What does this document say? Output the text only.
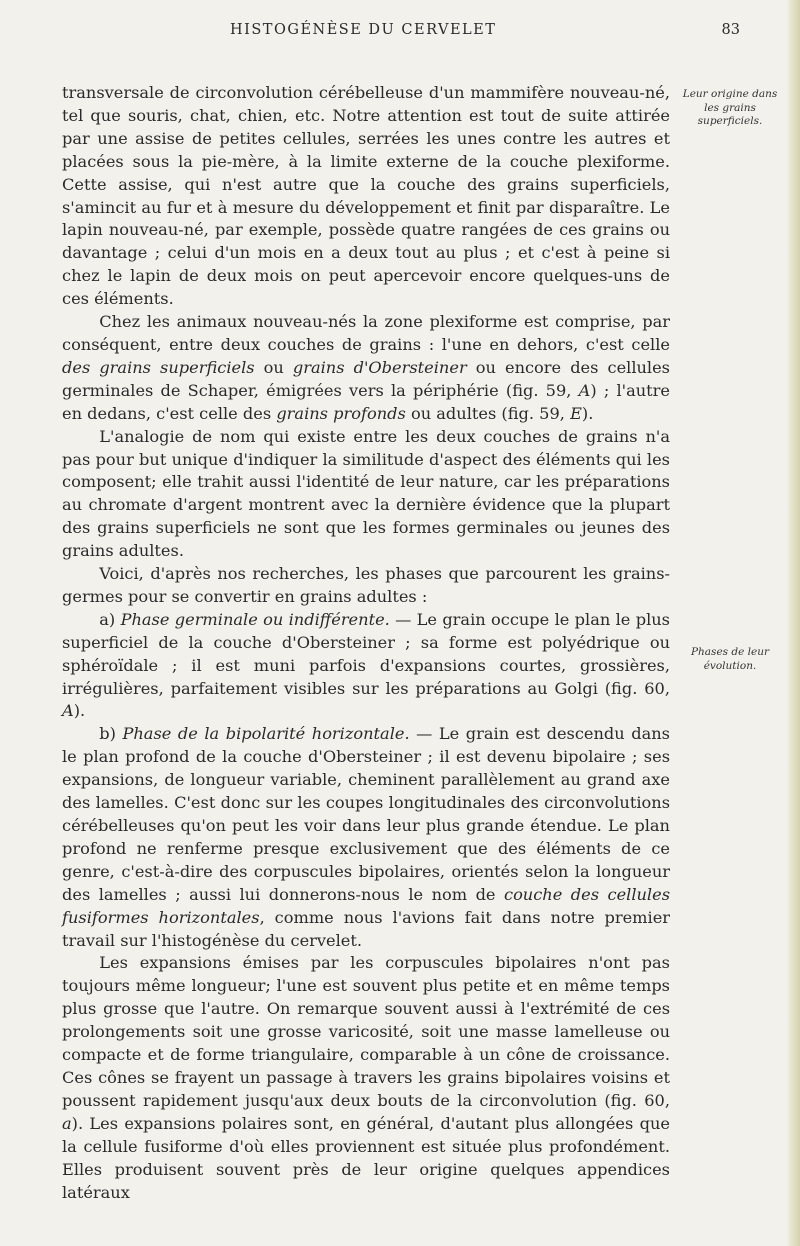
HISTOGÉNÈSE DU CERVELET	83
Leur origine dans les grains superficiels.
Phases de leur évolution.

transversale de circonvolution cérébelleuse d'un mammifère nouveau-né, tel que souris, chat, chien, etc. Notre attention est tout de suite attirée par une assise de petites cellules, serrées les unes contre les autres et placées sous la pie-mère, à la limite externe de la couche plexiforme. Cette assise, qui n'est autre que la couche des grains superficiels, s'amincit au fur et à mesure du développement et finit par disparaître. Le lapin nouveau-né, par exemple, possède quatre rangées de ces grains ou davantage ; celui d'un mois en a deux tout au plus ; et c'est à peine si chez le lapin de deux mois on peut apercevoir encore quelques-uns de ces éléments.

Chez les animaux nouveau-nés la zone plexiforme est comprise, par conséquent, entre deux couches de grains : l'une en dehors, c'est celle des grains superficiels ou grains d'Obersteiner ou encore des cellules germinales de Schaper, émigrées vers la périphérie (fig. 59, A) ; l'autre en dedans, c'est celle des grains profonds ou adultes (fig. 59, E).

L'analogie de nom qui existe entre les deux couches de grains n'a pas pour but unique d'indiquer la similitude d'aspect des éléments qui les composent; elle trahit aussi l'identité de leur nature, car les préparations au chromate d'argent montrent avec la dernière évidence que la plupart des grains superficiels ne sont que les formes germinales ou jeunes des grains adultes.

Voici, d'après nos recherches, les phases que parcourent les grains-germes pour se convertir en grains adultes :

a) Phase germinale ou indifférente. — Le grain occupe le plan le plus superficiel de la couche d'Obersteiner ; sa forme est polyédrique ou sphéroïdale ; il est muni parfois d'expansions courtes, grossières, irrégulières, parfaitement visibles sur les préparations au Golgi (fig. 60, A).

b) Phase de la bipolarité horizontale. — Le grain est descendu dans le plan profond de la couche d'Obersteiner ; il est devenu bipolaire ; ses expansions, de longueur variable, cheminent parallèlement au grand axe des lamelles. C'est donc sur les coupes longitudinales des circonvolutions cérébelleuses qu'on peut les voir dans leur plus grande étendue. Le plan profond ne renferme presque exclusivement que des éléments de ce genre, c'est-à-dire des corpuscules bipolaires, orientés selon la longueur des lamelles ; aussi lui donnerons-nous le nom de couche des cellules fusiformes horizontales, comme nous l'avions fait dans notre premier travail sur l'histogénèse du cervelet.

Les expansions émises par les corpuscules bipolaires n'ont pas toujours même longueur; l'une est souvent plus petite et en même temps plus grosse que l'autre. On remarque souvent aussi à l'extrémité de ces prolongements soit une grosse varicosité, soit une masse lamelleuse ou compacte et de forme triangulaire, comparable à un cône de croissance. Ces cônes se frayent un passage à travers les grains bipolaires voisins et poussent rapidement jusqu'aux deux bouts de la circonvolution (fig. 60, a). Les expansions polaires sont, en général, d'autant plus allongées que la cellule fusiforme d'où elles proviennent est située plus profondément. Elles produisent souvent près de leur origine quelques appendices latéraux
